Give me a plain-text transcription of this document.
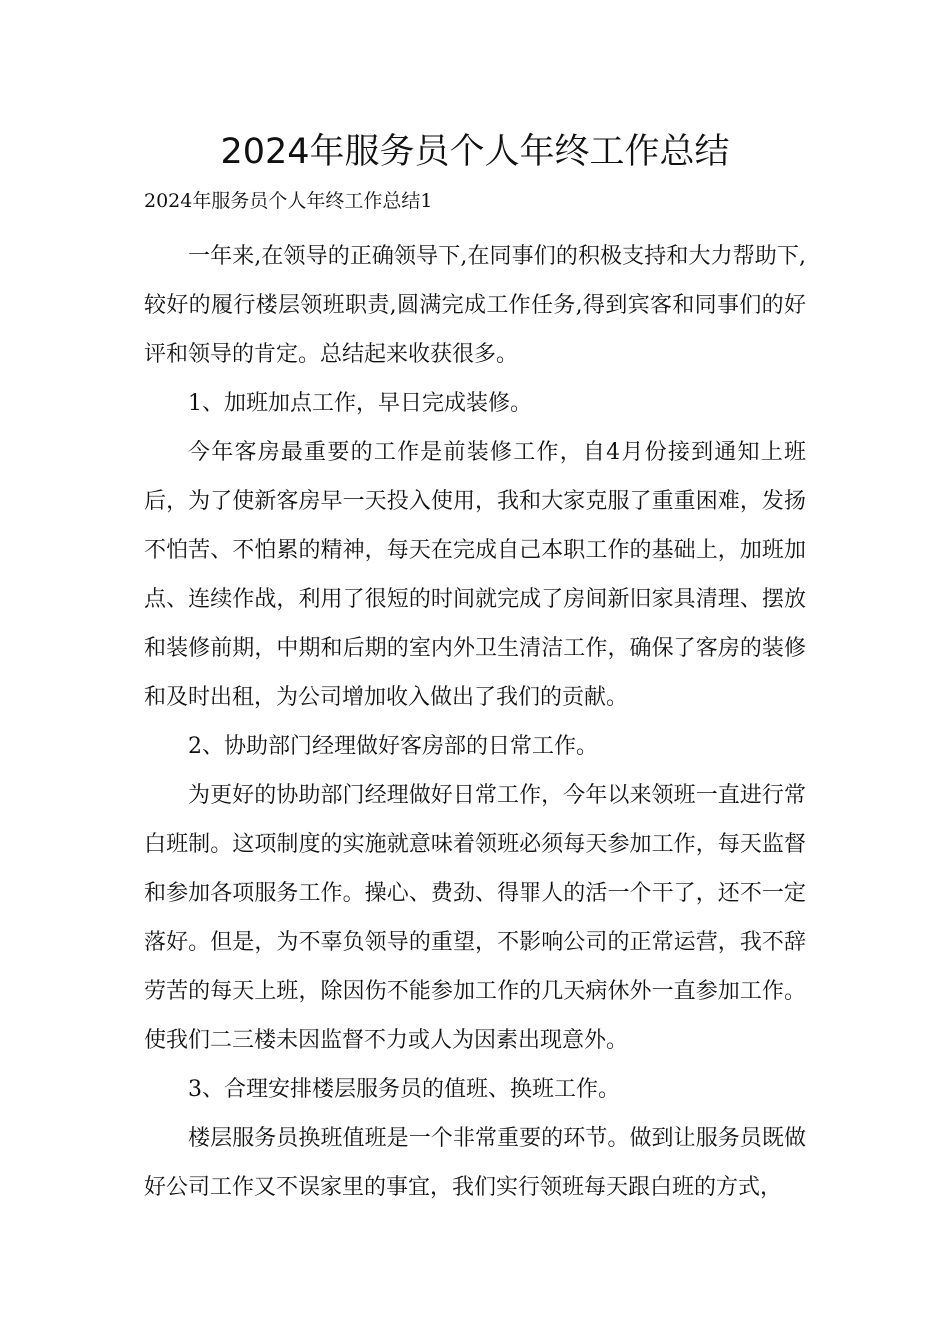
2024年服务员个人年终工作总结

2024年服务员个人年终工作总结1

一年来,在领导的正确领导下,在同事们的积极支持和大力帮助下,较好的履行楼层领班职责,圆满完成工作任务,得到宾客和同事们的好评和领导的肯定。总结起来收获很多。

1、加班加点工作，早日完成装修。

今年客房最重要的工作是前装修工作，自4月份接到通知上班后，为了使新客房早一天投入使用，我和大家克服了重重困难，发扬不怕苦、不怕累的精神，每天在完成自己本职工作的基础上，加班加点、连续作战，利用了很短的时间就完成了房间新旧家具清理、摆放和装修前期，中期和后期的室内外卫生清洁工作，确保了客房的装修和及时出租，为公司增加收入做出了我们的贡献。

2、协助部门经理做好客房部的日常工作。

为更好的协助部门经理做好日常工作，今年以来领班一直进行常白班制。这项制度的实施就意味着领班必须每天参加工作，每天监督和参加各项服务工作。操心、费劲、得罪人的活一个干了，还不一定落好。但是，为不辜负领导的重望，不影响公司的正常运营，我不辞劳苦的每天上班，除因伤不能参加工作的几天病休外一直参加工作。使我们二三楼未因监督不力或人为因素出现意外。

3、合理安排楼层服务员的值班、换班工作。

楼层服务员换班值班是一个非常重要的环节。做到让服务员既做好公司工作又不误家里的事宜，我们实行领班每天跟白班的方式，
